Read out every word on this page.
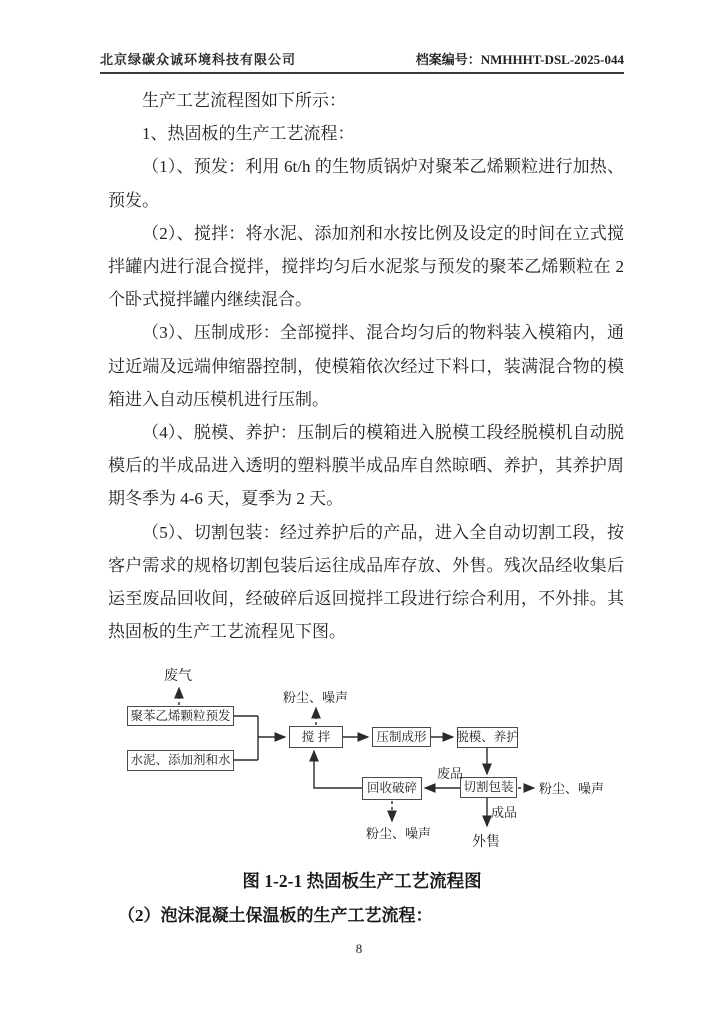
北京绿碳众诚环境科技有限公司	档案编号：NMHHHT-DSL-2025-044

生产工艺流程图如下所示：

1、热固板的生产工艺流程：

（1）、预发：利用 6t/h 的生物质锅炉对聚苯乙烯颗粒进行加热、预发。

（2）、搅拌：将水泥、添加剂和水按比例及设定的时间在立式搅拌罐内进行混合搅拌，搅拌均匀后水泥浆与预发的聚苯乙烯颗粒在 2 个卧式搅拌罐内继续混合。

（3）、压制成形：全部搅拌、混合均匀后的物料装入模箱内，通过近端及远端伸缩器控制，使模箱依次经过下料口，装满混合物的模箱进入自动压模机进行压制。

（4）、脱模、养护：压制后的模箱进入脱模工段经脱模机自动脱模后的半成品进入透明的塑料膜半成品库自然晾晒、养护，其养护周期冬季为 4-6 天，夏季为 2 天。

（5）、切割包装：经过养护后的产品，进入全自动切割工段，按客户需求的规格切割包装后运往成品库存放、外售。残次品经收集后运至废品回收间，经破碎后返回搅拌工段进行综合利用，不外排。其热固板的生产工艺流程见下图。

聚苯乙烯颗粒预发
水泥、添加剂和水
搅 拌	压制成形	脱模、养护
切割包装
回收破碎
废气
粉尘、噪声
废品
粉尘、噪声
成品
外售
粉尘、噪声
图 1-2-1 热固板生产工艺流程图
（2）泡沫混凝土保温板的生产工艺流程：
8
